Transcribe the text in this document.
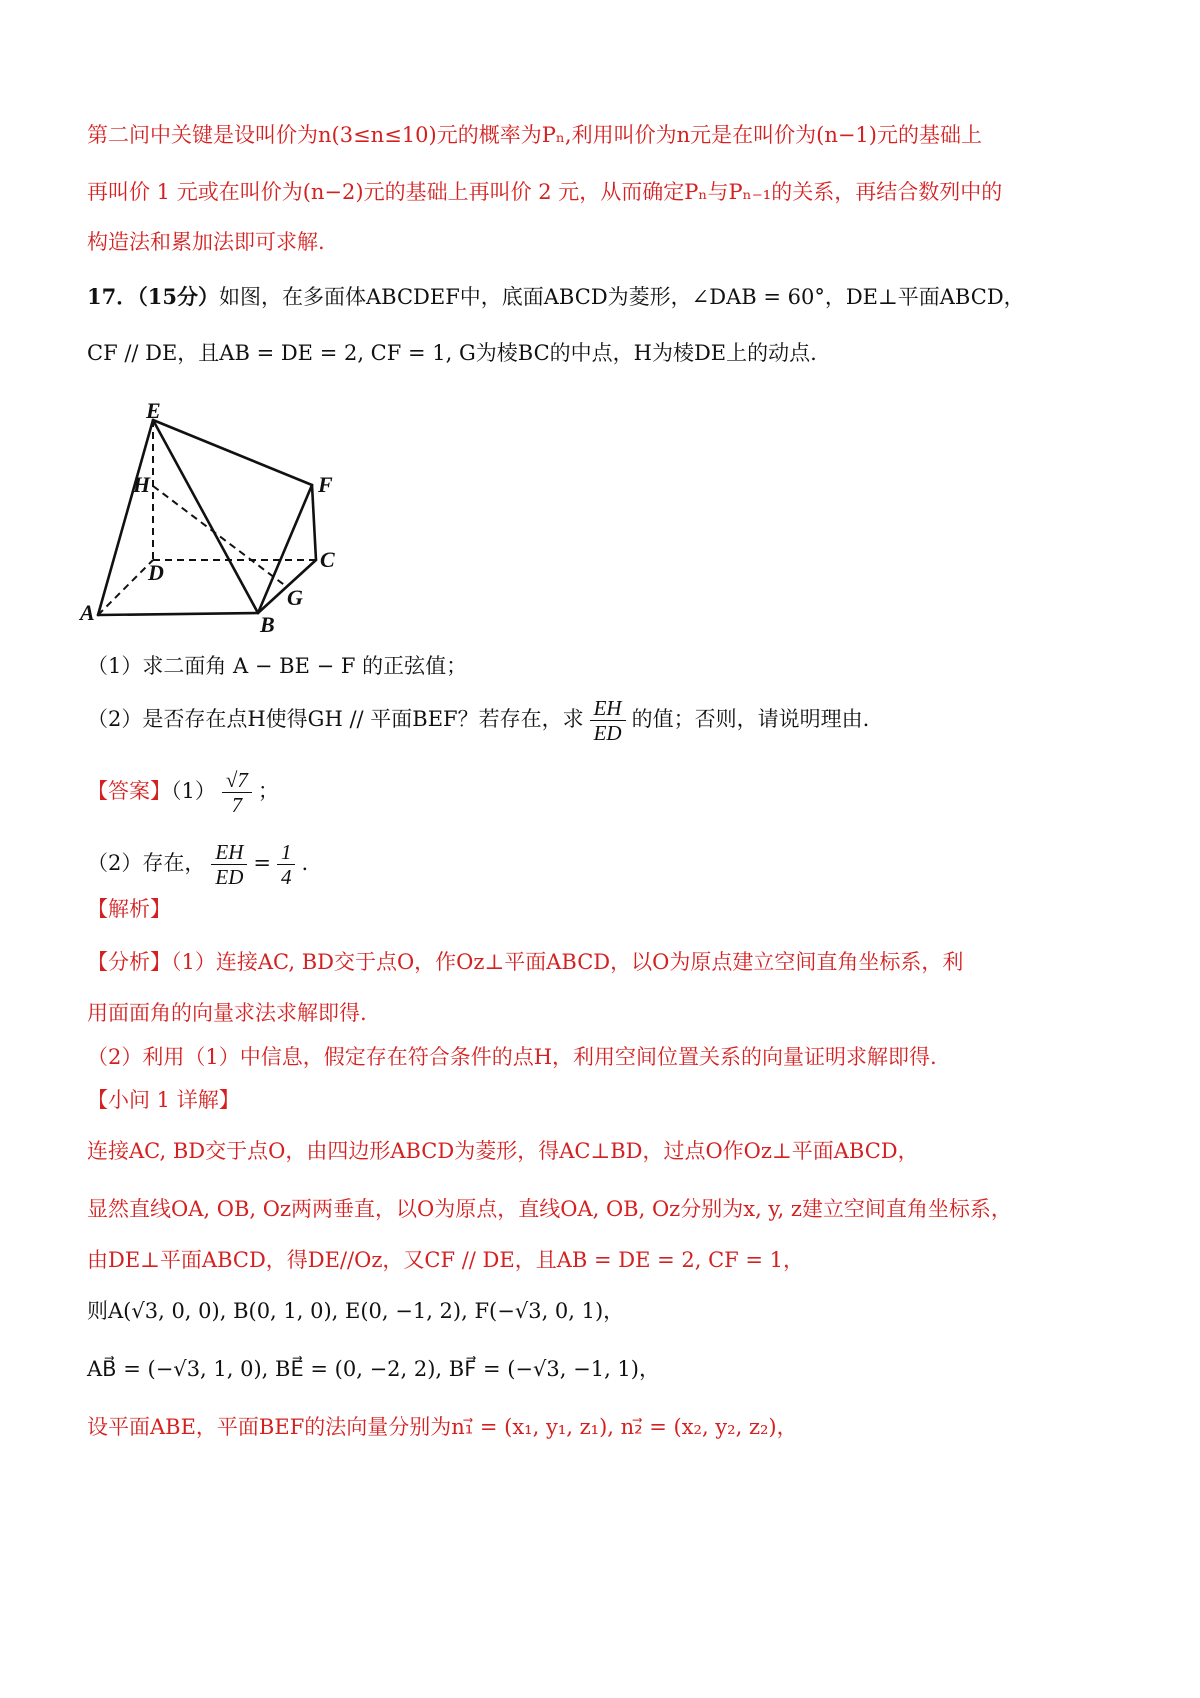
第二问中关键是设叫价为n(3≤n≤10)元的概率为Pₙ,利用叫价为n元是在叫价为(n−1)元的基础上
再叫价 1 元或在叫价为(n−2)元的基础上再叫价 2 元，从而确定Pₙ与Pₙ₋₁的关系，再结合数列中的
构造法和累加法即可求解.
17．（15分）如图，在多面体ABCDEF中，底面ABCD为菱形，∠DAB = 60°，DE⊥平面ABCD，
CF // DE，且AB = DE = 2, CF = 1, G为棱BC的中点，H为棱DE上的动点.
E
H	F
C
D
G
A	B
（1）求二面角 A − BE − F 的正弦值；
（2）是否存在点H使得GH // 平面BEF？若存在，求 $\frac{EH}{ED}$ 的值；否则，请说明理由.
【答案】$(1) \frac{√7}{7}$ ；
（2）存在， $\frac{EH}{ED} = \frac{1}{4}$ .
【解析】
【分析】（1）连接AC, BD交于点O，作Oz⊥平面ABCD，以O为原点建立空间直角坐标系，利
用面面角的向量求法求解即得.
（2）利用（1）中信息，假定存在符合条件的点H，利用空间位置关系的向量证明求解即得.
【小问 1 详解】
连接AC, BD交于点O，由四边形ABCD为菱形，得AC⊥BD，过点O作Oz⊥平面ABCD，
显然直线OA, OB, Oz两两垂直，以O为原点，直线OA, OB, Oz分别为x, y, z建立空间直角坐标系，
由DE⊥平面ABCD，得DE//Oz，又CF // DE，且AB = DE = 2, CF = 1，
则A(√3, 0, 0), B(0, 1, 0), E(0, −1, 2), F(−√3, 0, 1)，
AB⃗ = (−√3, 1, 0), BE⃗ = (0, −2, 2), BF⃗ = (−√3, −1, 1)，
设平面ABE，平面BEF的法向量分别为n₁⃗ = (x₁, y₁, z₁), n₂⃗ = (x₂, y₂, z₂)，
